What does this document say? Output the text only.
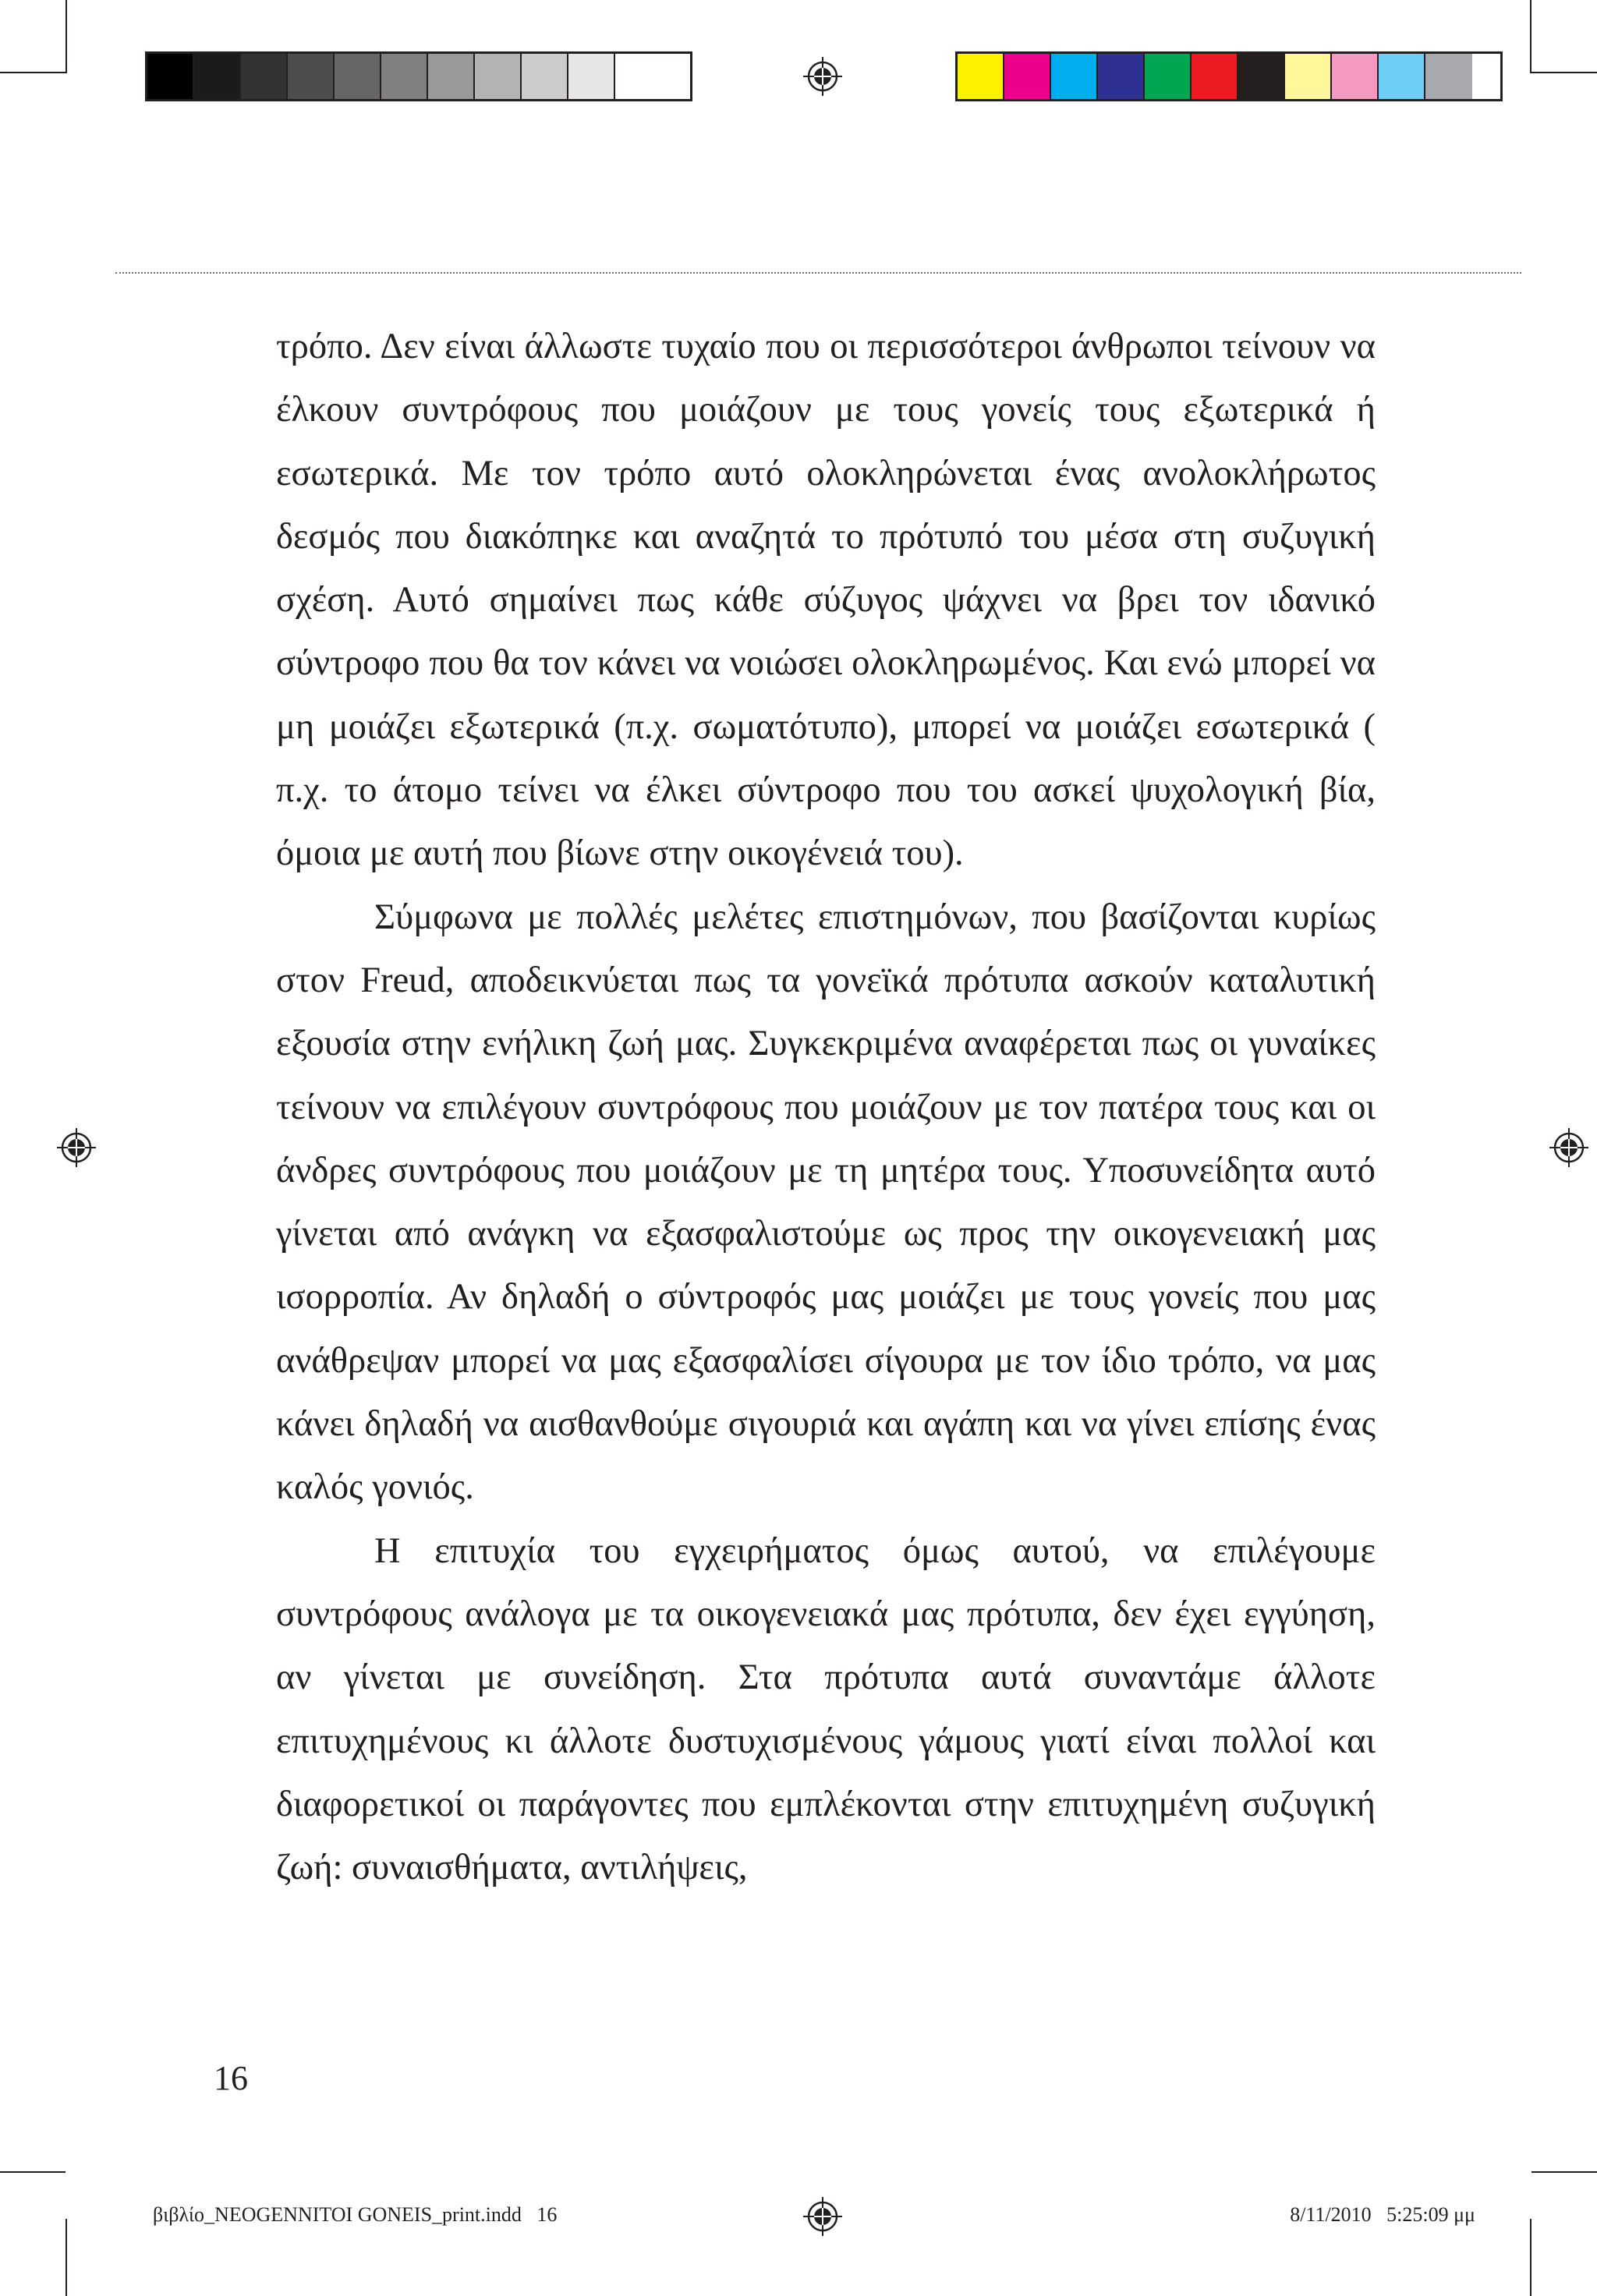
τρόπο. Δεν είναι άλλωστε τυχαίο που οι περισσότεροι άνθρωποι τείνουν να έλκουν συντρόφους που μοιάζουν με τους γονείς τους εξωτερικά ή εσωτερικά. Με τον τρόπο αυτό ολοκληρώνεται ένας ανολοκλήρωτος δεσμός που διακόπηκε και αναζητά το πρότυπό του μέσα στη συζυγική σχέση. Αυτό σημαίνει πως κάθε σύζυγος ψάχνει να βρει τον ιδανικό σύντροφο που θα τον κάνει να νοιώσει ολοκληρωμένος. Και ενώ μπορεί να μη μοιάζει εξωτερικά (π.χ. σωματότυπο), μπορεί να μοιάζει εσωτερικά ( π.χ. το άτομο τείνει να έλκει σύντροφο που του ασκεί ψυχολογική βία, όμοια με αυτή που βίωνε στην οικογένειά του).

Σύμφωνα με πολλές μελέτες επιστημόνων, που βασίζονται κυρίως στον Freud, αποδεικνύεται πως τα γονεϊκά πρότυπα ασκούν καταλυτική εξουσία στην ενήλικη ζωή μας. Συγκεκριμένα αναφέρεται πως οι γυναίκες τείνουν να επιλέγουν συντρόφους που μοιάζουν με τον πατέρα τους και οι άνδρες συντρόφους που μοιάζουν με τη μητέρα τους. Υποσυνείδητα αυτό γίνεται από ανάγκη να εξασφαλιστούμε ως προς την οικογενειακή μας ισορροπία. Αν δηλαδή ο σύντροφός μας μοιάζει με τους γονείς που μας ανάθρεψαν μπορεί να μας εξασφαλίσει σίγουρα με τον ίδιο τρόπο, να μας κάνει δηλαδή να αισθανθούμε σιγουριά και αγάπη και να γίνει επίσης ένας καλός γονιός.

Η επιτυχία του εγχειρήματος όμως αυτού, να επιλέγουμε συντρόφους ανάλογα με τα οικογενειακά μας πρότυπα, δεν έχει εγγύηση, αν γίνεται με συνείδηση. Στα πρότυπα αυτά συναντάμε άλλοτε επιτυχημένους κι άλλοτε δυστυχισμένους γάμους γιατί είναι πολλοί και διαφορετικοί οι παράγοντες που εμπλέκονται στην επιτυχημένη συζυγική ζωή: συναισθήματα, αντιλήψεις,

16
βιβλίο_NEOGENNITOI GONEIS_print.indd   16	8/11/2010   5:25:09 μμ
